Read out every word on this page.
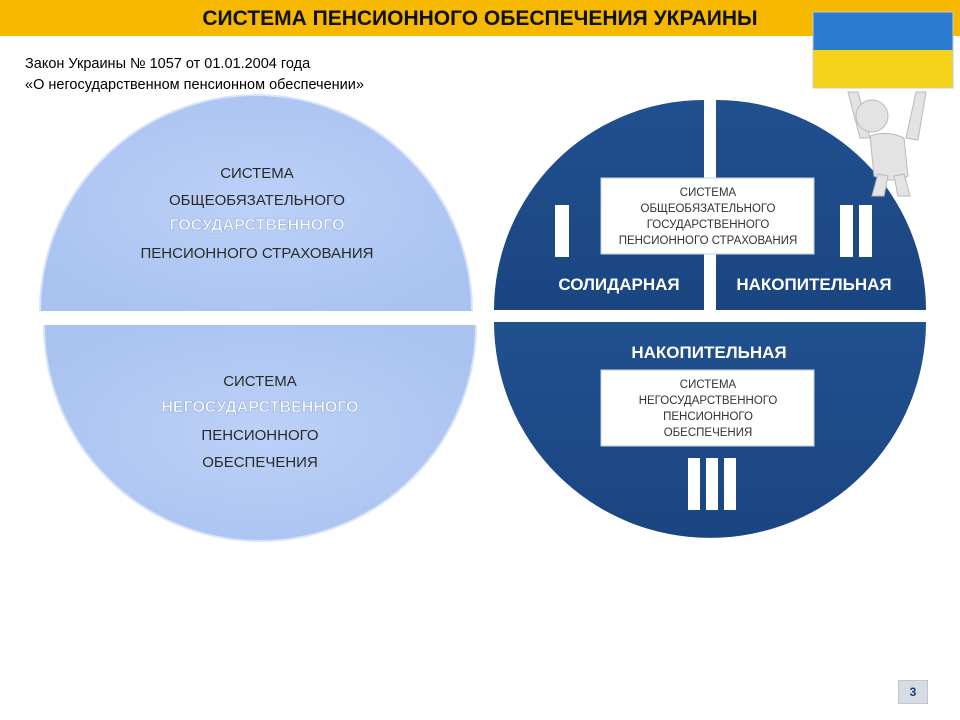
СИСТЕМА ПЕНСИОННОГО ОБЕСПЕЧЕНИЯ УКРАИНЫ
Закон Украины № 1057 от 01.01.2004 года
«О негосударственном пенсионном обеспечении»
СИСТЕМА
ОБЩЕОБЯЗАТЕЛЬНОГО
ГОСУДАРСТВЕННОГО
ПЕНСИОННОГО СТРАХОВАНИЯ
СИСТЕМА
НЕГОСУДАРСТВЕННОГО
ПЕНСИОННОГО
ОБЕСПЕЧЕНИЯ
СОЛИДАРНАЯ	НАКОПИТЕЛЬНАЯ
СИСТЕМА
ОБЩЕОБЯЗАТЕЛЬНОГО
ГОСУДАРСТВЕННОГО
ПЕНСИОННОГО СТРАХОВАНИЯ
НАКОПИТЕЛЬНАЯ
СИСТЕМА
НЕГОСУДАРСТВЕННОГО
ПЕНСИОННОГО
ОБЕСПЕЧЕНИЯ
3
